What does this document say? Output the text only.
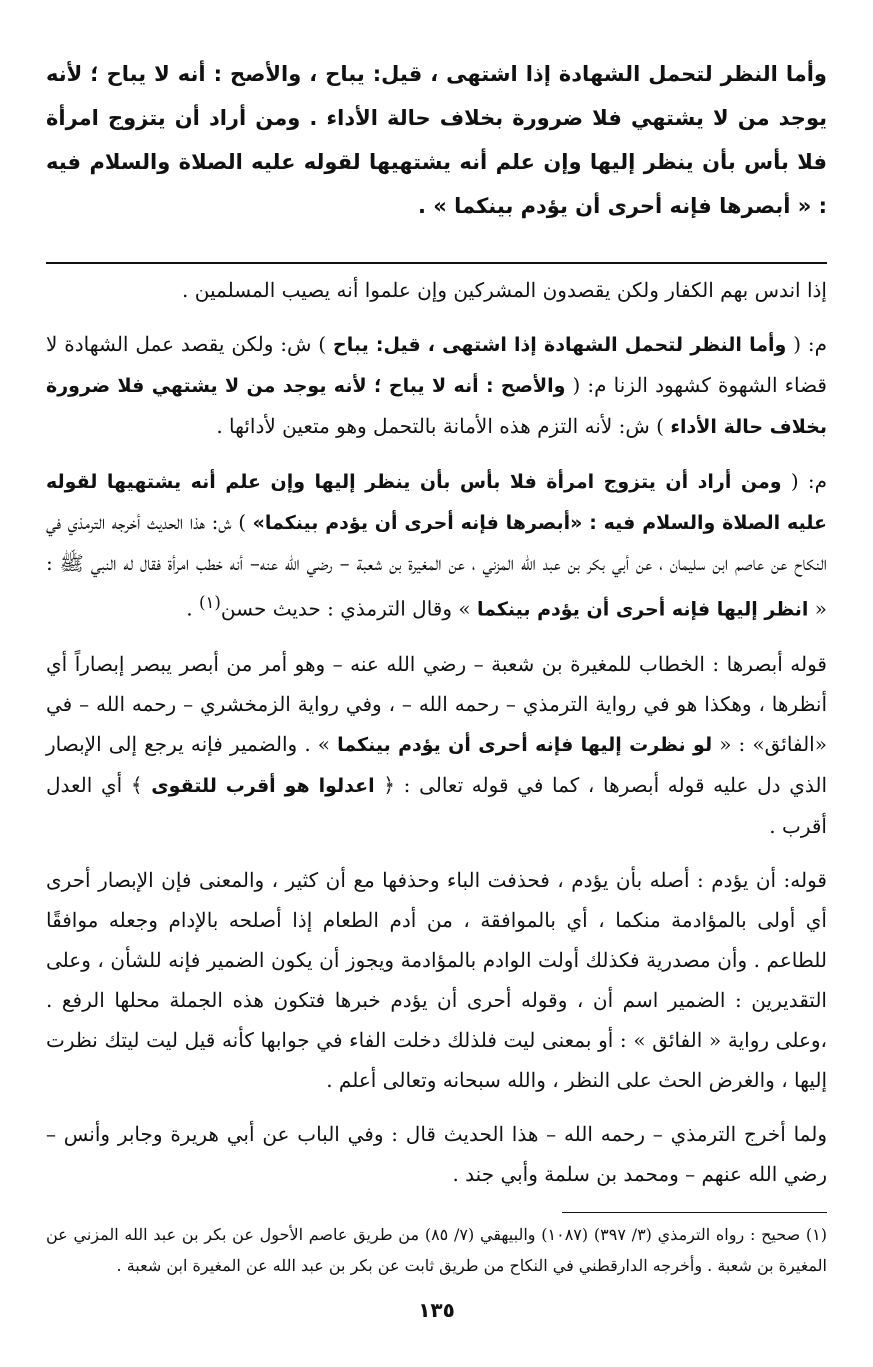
وأما النظر لتحمل الشهادة إذا اشتهى ، قيل: يباح ، والأصح : أنه لا يباح ؛ لأنه يوجد من لا يشتهي فلا ضرورة بخلاف حالة الأداء . ومن أراد أن يتزوج امرأة فلا بأس بأن ينظر إليها وإن علم أنه يشتهيها لقوله عليه الصلاة والسلام فيه : « أبصرها فإنه أحرى أن يؤدم بينكما » .

إذا اندس بهم الكفار ولكن يقصدون المشركين وإن علموا أنه يصيب المسلمين .

م: ( وأما النظر لتحمل الشهادة إذا اشتهى ، قيل: يباح ) ش: ولكن يقصد عمل الشهادة لا قضاء الشهوة كشهود الزنا م: ( والأصح : أنه لا يباح ؛ لأنه يوجد من لا يشتهي فلا ضرورة بخلاف حالة الأداء ) ش: لأنه التزم هذه الأمانة بالتحمل وهو متعين لأدائها .

م: ( ومن أراد أن يتزوج امرأة فلا بأس بأن ينظر إليها وإن علم أنه يشتهيها لقوله عليه الصلاة والسلام فيه : «أبصرها فإنه أحرى أن يؤدم بينكما» ) ش: هذا الحديث أخرجه الترمذي في النكاح عن عاصم ابن سليمان ، عن أبي بكر بن عبد الله المزني ، عن المغيرة بن شعبة – رضي الله عنه– أنه خطب امرأة فقال له النبي ﷺ : « انظر إليها فإنه أحرى أن يؤدم بينكما » وقال الترمذي : حديث حسن$^{(١)}$ .

قوله أبصرها : الخطاب للمغيرة بن شعبة – رضي الله عنه – وهو أمر من أبصر يبصر إبصاراً أي أنظرها ، وهكذا هو في رواية الترمذي – رحمه الله – ، وفي رواية الزمخشري – رحمه الله – في «الفائق» : « لو نظرت إليها فإنه أحرى أن يؤدم بينكما » . والضمير فإنه يرجع إلى الإبصار الذي دل عليه قوله أبصرها ، كما في قوله تعالى : ﴿ اعدلوا هو أقرب للتقوى ﴾ أي العدل أقرب .

قوله: أن يؤدم : أصله بأن يؤدم ، فحذفت الباء وحذفها مع أن كثير ، والمعنى فإن الإبصار أحرى أي أولى بالمؤادمة منكما ، أي بالموافقة ، من أدم الطعام إذا أصلحه بالإدام وجعله موافقًا للطاعم . وأن مصدرية فكذلك أولت الوادم بالمؤادمة ويجوز أن يكون الضمير فإنه للشأن ، وعلى التقديرين : الضمير اسم أن ، وقوله أحرى أن يؤدم خبرها فتكون هذه الجملة محلها الرفع . ،وعلى رواية « الفائق » : أو بمعنى ليت فلذلك دخلت الفاء في جوابها كأنه قيل ليت ليتك نظرت إليها ، والغرض الحث على النظر ، والله سبحانه وتعالى أعلم .

ولما أخرج الترمذي – رحمه الله – هذا الحديث قال : وفي الباب عن أبي هريرة وجابر وأنس – رضي الله عنهم – ومحمد بن سلمة وأبي جند .

(١) صحيح : رواه الترمذي (٣/ ٣٩٧) (١٠٨٧) والبيهقي (٧/ ٨٥) من طريق عاصم الأحول عن بكر بن عبد الله المزني عن المغيرة بن شعبة . وأخرجه الدارقطني في النكاح من طريق ثابت عن بكر بن عبد الله عن المغيرة ابن شعبة .

١٣٥
